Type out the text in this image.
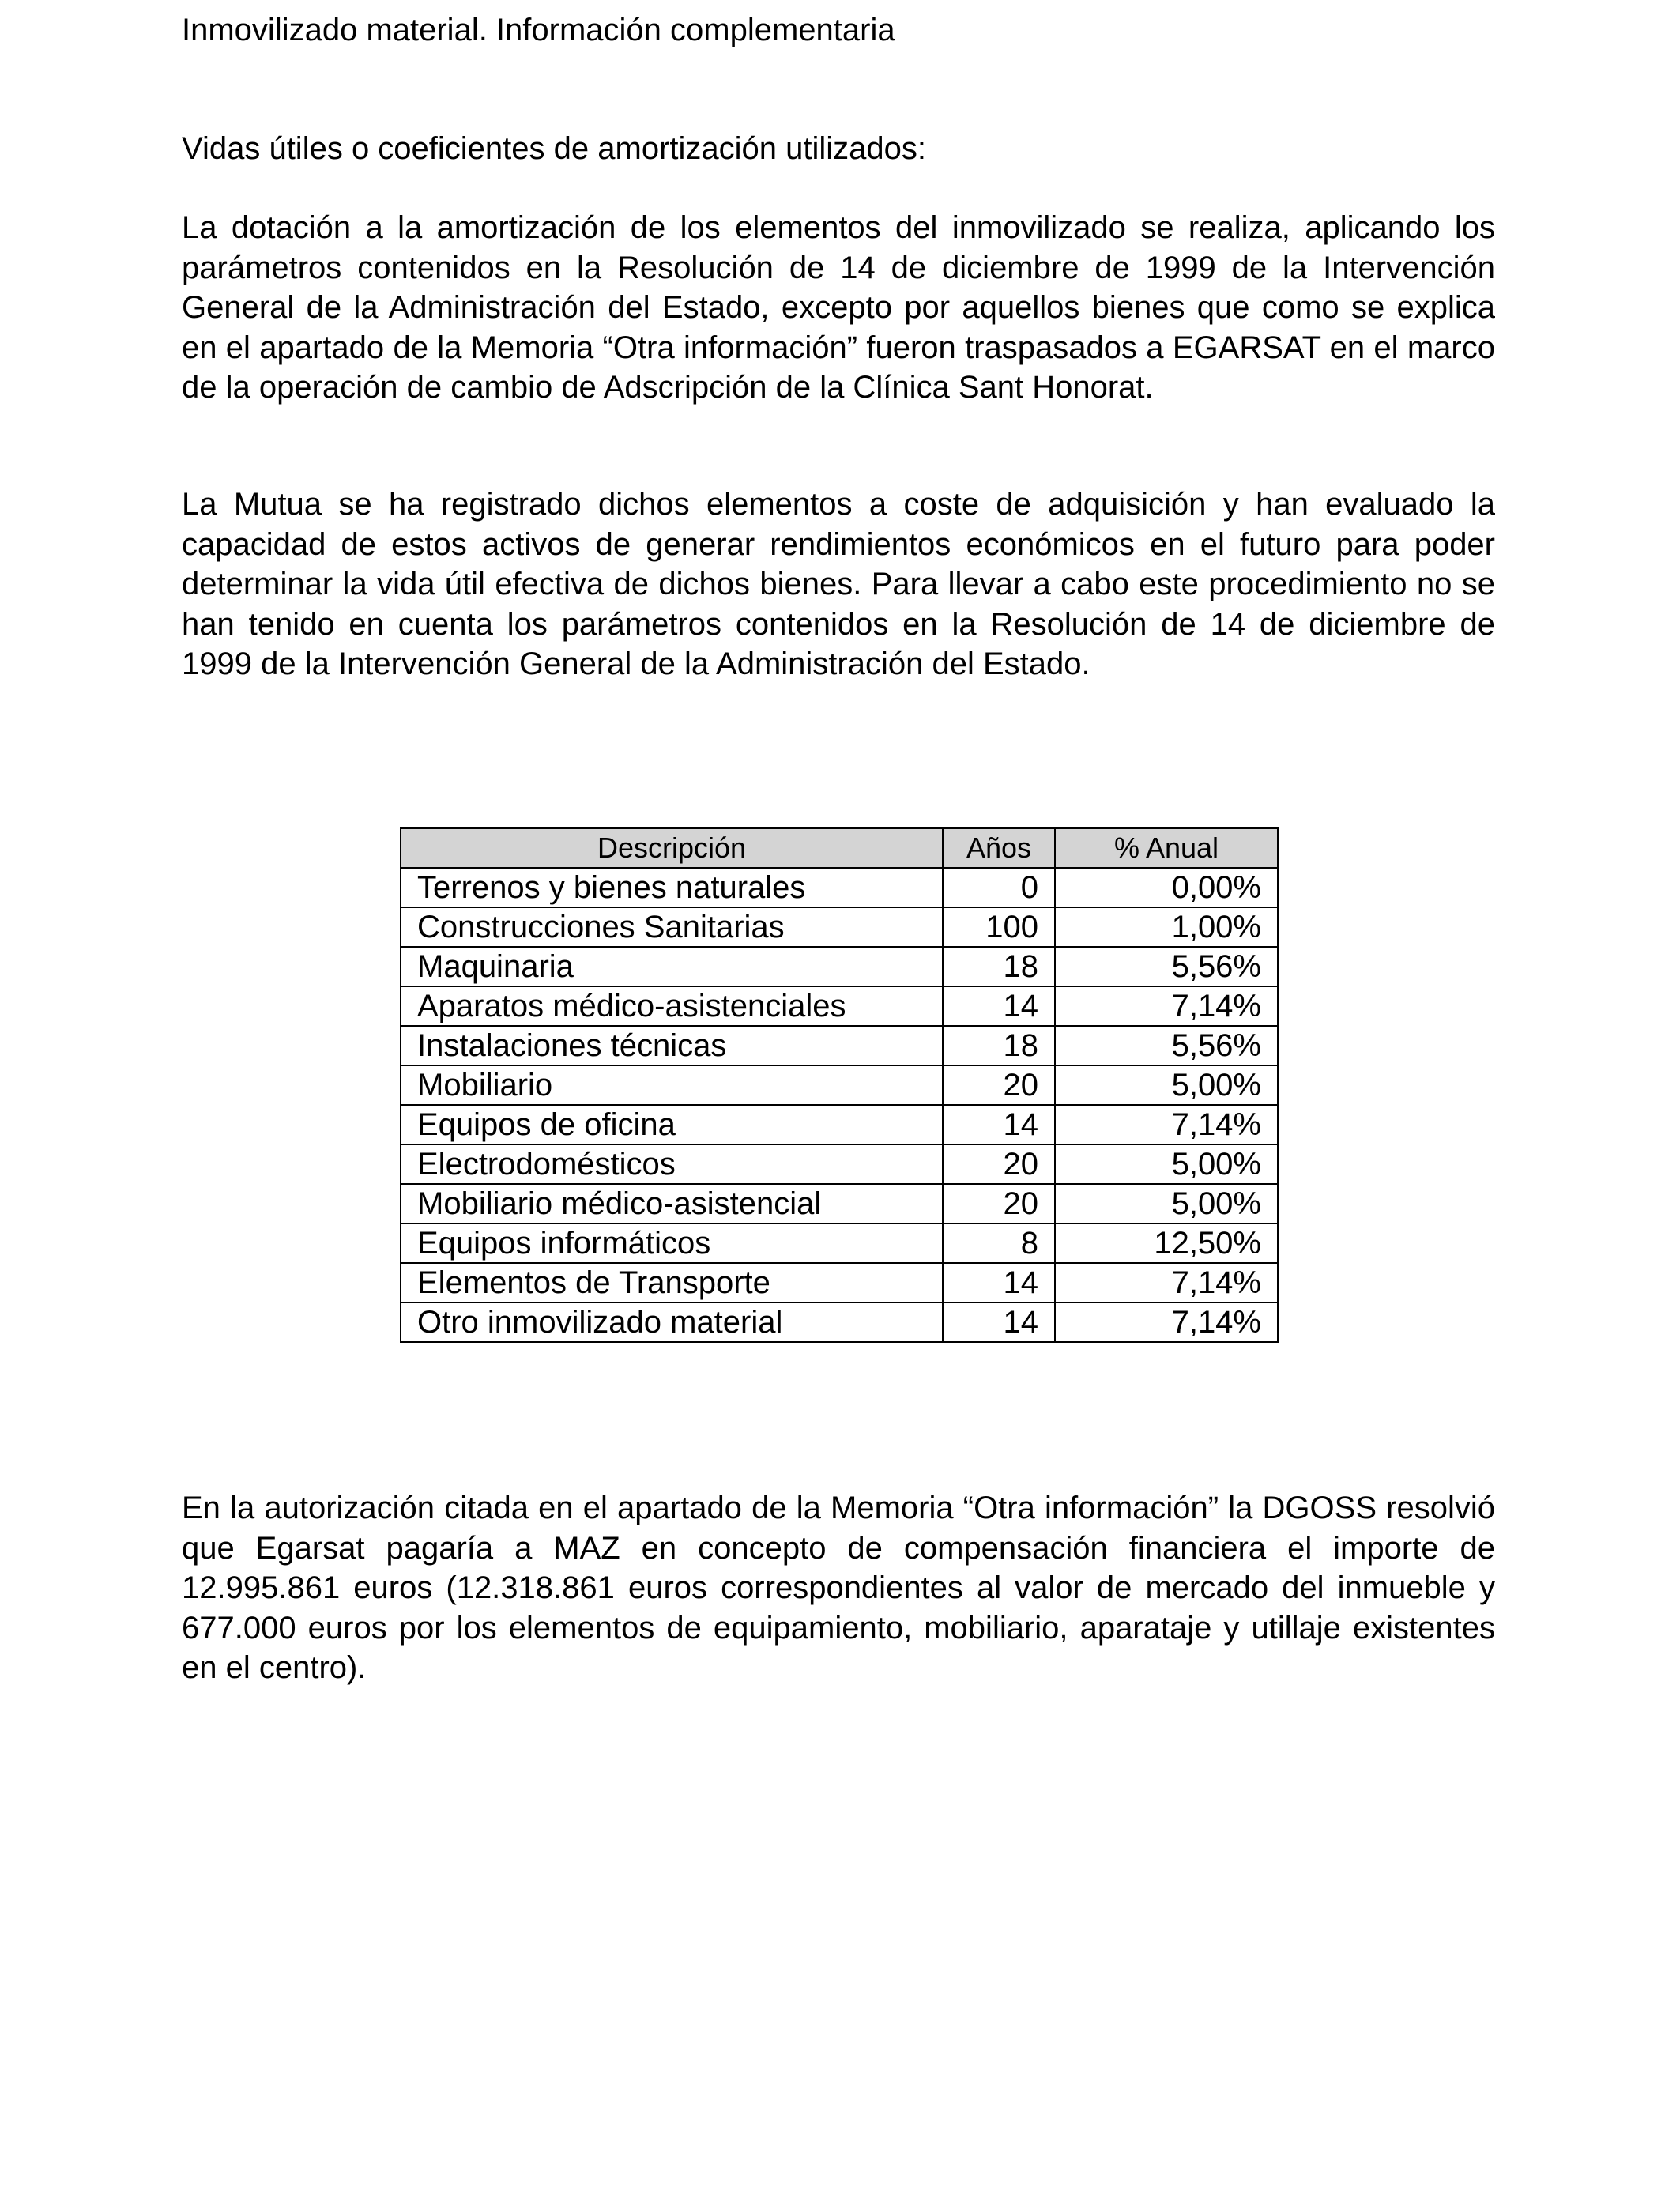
Inmovilizado material. Información complementaria

Vidas útiles o coeficientes de amortización utilizados:

La dotación a la amortización de los elementos del inmovilizado se realiza, aplicando los parámetros contenidos en la Resolución de 14 de diciembre de 1999 de la Intervención General de la Administración del Estado, excepto por aquellos bienes que como se explica en el apartado de la Memoria “Otra información” fueron traspasados a EGARSAT en el marco de la operación de cambio de Adscripción de la Clínica Sant Honorat.

La Mutua se ha registrado dichos elementos a coste de adquisición y han evaluado la capacidad de estos activos de generar rendimientos económicos en el futuro para poder determinar la vida útil efectiva de dichos bienes. Para llevar a cabo este procedimiento no se han tenido en cuenta los parámetros contenidos en la Resolución de 14 de diciembre de 1999 de la Intervención General de la Administración del Estado.

Descripción	Años	% Anual
Terrenos y bienes naturales	0	0,00%
Construcciones Sanitarias	100	1,00%
Maquinaria	18	5,56%
Aparatos médico-asistenciales	14	7,14%
Instalaciones técnicas	18	5,56%
Mobiliario	20	5,00%
Equipos de oficina	14	7,14%
Electrodomésticos	20	5,00%
Mobiliario médico-asistencial	20	5,00%
Equipos informáticos	8	12,50%
Elementos de Transporte	14	7,14%
Otro inmovilizado material	14	7,14%

En la autorización citada en el apartado de la Memoria “Otra información” la DGOSS resolvió que Egarsat pagaría a MAZ en concepto de compensación financiera el importe de 12.995.861 euros (12.318.861 euros correspondientes al valor de mercado del inmueble y 677.000 euros por los elementos de equipamiento, mobiliario, aparataje y utillaje existentes en el centro).
